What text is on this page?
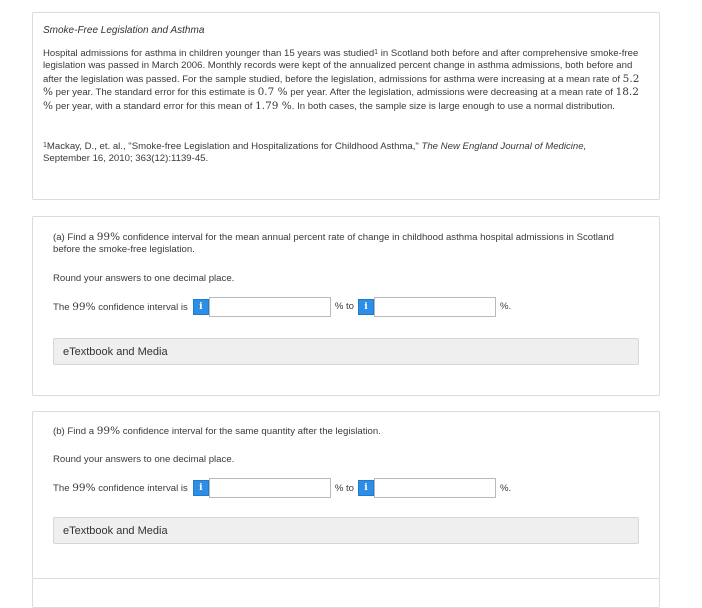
Smoke-Free Legislation and Asthma

Hospital admissions for asthma in children younger than 15 years was studied$^1$ in Scotland both before and after comprehensive smoke-free legislation was passed in March 2006. Monthly records were kept of the annualized percent change in asthma admissions, both before and after the legislation was passed. For the sample studied, before the legislation, admissions for asthma were increasing at a mean rate of 5.2 % per year. The standard error for this estimate is 0.7 % per year. After the legislation, admissions were decreasing at a mean rate of 18.2 % per year, with a standard error for this mean of 1.79 %. In both cases, the sample size is large enough to use a normal distribution.

$^1$Mackay, D., et. al., "Smoke-free Legislation and Hospitalizations for Childhood Asthma," The New England Journal of Medicine,
September 16, 2010; 363(12):1139-45.

(a) Find a 99% confidence interval for the mean annual percent rate of change in childhood asthma hospital admissions in Scotland before the smoke-free legislation.

Round your answers to one decimal place.

The 99% confidence interval is	i	% to	i	%.
eTextbook and Media

(b) Find a 99% confidence interval for the same quantity after the legislation.

Round your answers to one decimal place.

The 99% confidence interval is	i	% to	i	%.
eTextbook and Media
